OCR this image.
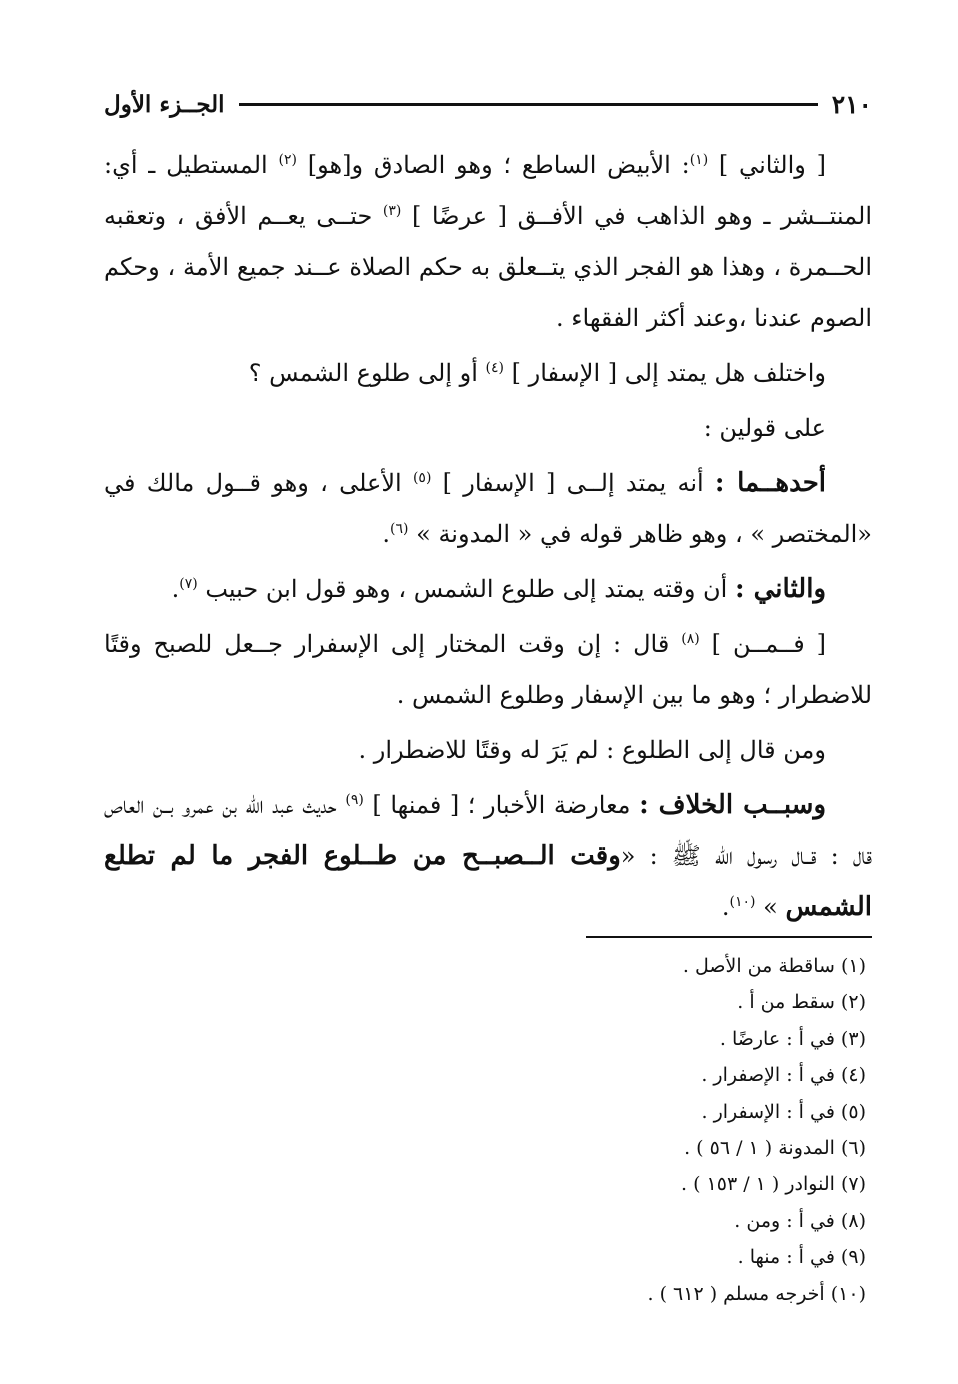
٢١٠
الجــزء الأول

[ والثاني ] $^{(١)}$: الأبيض الساطع ؛ وهو الصادق و[هو] $^{(٢)}$ المستطيل ـ أي: المنتــشر ـ وهو الذاهب في الأفــق [ عرضًا ] $^{(٣)}$ حتــى يعــم الأفق ، وتعقبه الحــمرة ، وهذا هو الفجر الذي يتــعلق به حكم الصلاة عــند جميع الأمة ، وحكم الصوم عندنا ،وعند أكثر الفقهاء .

واختلف هل يمتد إلى [ الإسفار ] $^{(٤)}$ أو إلى طلوع الشمس ؟

على قولين :

أحدهــما : أنه يمتد إلــى [ الإسفار ] $^{(٥)}$ الأعلى ، وهو قــول مالك في «المختصر » ، وهو ظاهر قوله في « المدونة » $^{(٦)}$.

والثاني : أن وقته يمتد إلى طلوع الشمس ، وهو قول ابن حبيب $^{(٧)}$.

[ فــمــن ] $^{(٨)}$ قال : إن وقت المختار إلى الإسفرار جــعل للصبح وقتًا للاضطرار ؛ وهو ما بين الإسفار وطلوع الشمس .

ومن قال إلى الطلوع : لم يَرَ له وقتًا للاضطرار .

وسبــب الخلاف : معارضة الأخبار ؛ [ فمنها ] $^{(٩)}$ حديث عبد الله بن عمرو بــن العاص قال : قــال رسول الله ﷺ : «وقت الــصبــح من طــلوع الفجر ما لم تطلع الشمس » $^{(١٠)}$.

(١) ساقطة من الأصل .
(٢) سقط من أ .
(٣) في أ : عارضًا .
(٤) في أ : الإصفرار .
(٥) في أ : الإسفرار .
(٦) المدونة ( ١ / ٥٦ ) .
(٧) النوادر ( ١ / ١٥٣ ) .
(٨) في أ : ومن .
(٩) في أ : منها .
(١٠) أخرجه مسلم ( ٦١٢ ) .
